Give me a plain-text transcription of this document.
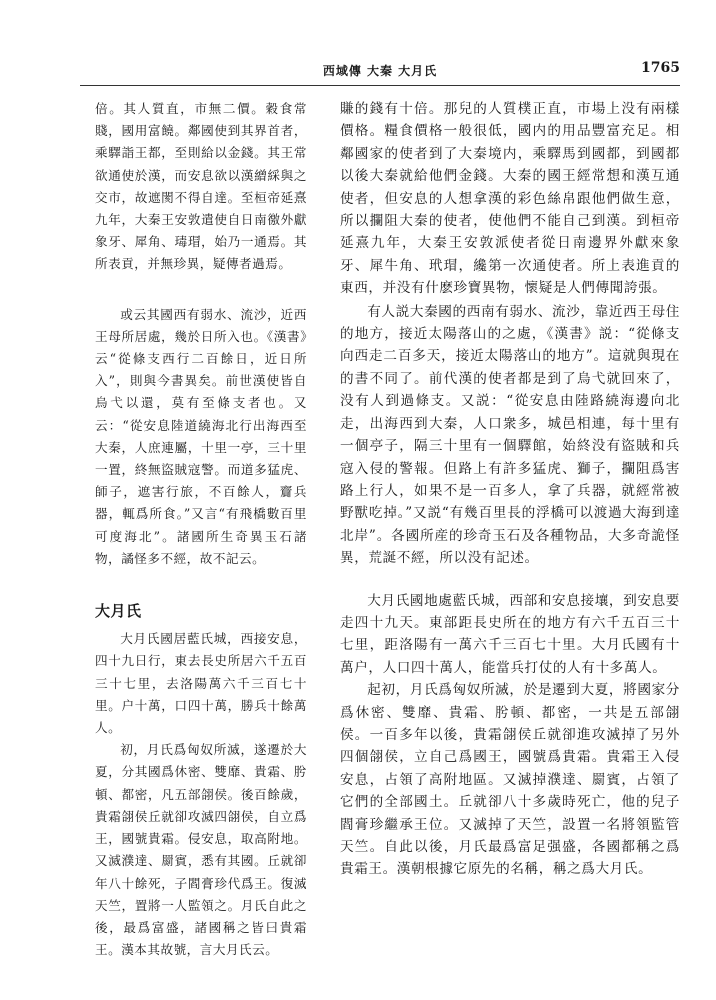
西域傳 大秦 大月氏	1765

倍。其人質直，市無二價。穀食常賤，國用富饒。鄰國使到其界首者，乘驛詣王都，至則給以金錢。其王常欲通使於漢，而安息欲以漢繒綵與之交市，故遮閡不得自達。至桓帝延熹九年，大秦王安敦遣使自日南徼外獻象牙、犀角、瑇瑁，始乃一通焉。其所表貢，并無珍異，疑傳者過焉。

或云其國西有弱水、流沙，近西王母所居處，幾於日所入也。《漢書》云“從條支西行二百餘日，近日所入”，則與今書異矣。前世漢使皆自烏弋以還，莫有至條支者也。又云：“從安息陸道繞海北行出海西至大秦，人庶連屬，十里一亭，三十里一置，終無盜賊寇警。而道多猛虎、師子，遮害行旅，不百餘人，齎兵器，輒爲所食。”又言“有飛橋數百里可度海北”。諸國所生奇異玉石諸物，譎怪多不經，故不記云。

大月氏

大月氏國居藍氏城，西接安息，四十九日行，東去長史所居六千五百三十七里，去洛陽萬六千三百七十里。户十萬，口四十萬，勝兵十餘萬人。

初，月氏爲匈奴所滅，遂遷於大夏，分其國爲休密、雙靡、貴霜、肹頓、都密，凡五部翖侯。後百餘歲，貴霜翖侯丘就卻攻滅四翖侯，自立爲王，國號貴霜。侵安息，取高附地。又滅濮達、罽賓，悉有其國。丘就卻年八十餘死，子閻膏珍代爲王。復滅天竺，置將一人監領之。月氏自此之後，最爲富盛，諸國稱之皆曰貴霜王。漢本其故號，言大月氏云。

賺的錢有十倍。那兒的人質樸正直，市場上没有兩樣價格。糧食價格一般很低，國内的用品豐富充足。相鄰國家的使者到了大秦境内，乘驛馬到國都，到國都以後大秦就給他們金錢。大秦的國王經常想和漢互通使者，但安息的人想拿漢的彩色絲帛跟他們做生意，所以攔阻大秦的使者，使他們不能自己到漢。到桓帝延熹九年，大秦王安敦派使者從日南邊界外獻來象牙、犀牛角、玳瑁，纔第一次通使者。所上表進貢的東西，并没有什麽珍寶異物，懷疑是人們傳聞誇張。

有人説大秦國的西南有弱水、流沙，靠近西王母住的地方，接近太陽落山的之處，《漢書》説：“從條支向西走二百多天，接近太陽落山的地方”。這就與現在的書不同了。前代漢的使者都是到了烏弋就回來了，没有人到過條支。又説：“從安息由陸路繞海邊向北走，出海西到大秦，人口衆多，城邑相連，每十里有一個亭子，隔三十里有一個驛館，始終没有盜賊和兵寇入侵的警報。但路上有許多猛虎、獅子，攔阻爲害路上行人，如果不是一百多人，拿了兵器，就經常被野獸吃掉。”又説“有幾百里長的浮橋可以渡過大海到達北岸”。各國所産的珍奇玉石及各種物品，大多奇詭怪異，荒誕不經，所以没有記述。

大月氏國地處藍氏城，西部和安息接壤，到安息要走四十九天。東部距長史所在的地方有六千五百三十七里，距洛陽有一萬六千三百七十里。大月氏國有十萬户，人口四十萬人，能當兵打仗的人有十多萬人。

起初，月氏爲匈奴所滅，於是遷到大夏，將國家分爲休密、雙靡、貴霜、肹頓、都密，一共是五部翖侯。一百多年以後，貴霜翖侯丘就卻進攻滅掉了另外四個翖侯，立自己爲國王，國號爲貴霜。貴霜王入侵安息，占領了高附地區。又滅掉濮達、罽賓，占領了它們的全部國土。丘就卻八十多歲時死亡，他的兒子閻膏珍繼承王位。又滅掉了天竺，設置一名將領監管天竺。自此以後，月氏最爲富足强盛，各國都稱之爲貴霜王。漢朝根據它原先的名稱，稱之爲大月氏。
